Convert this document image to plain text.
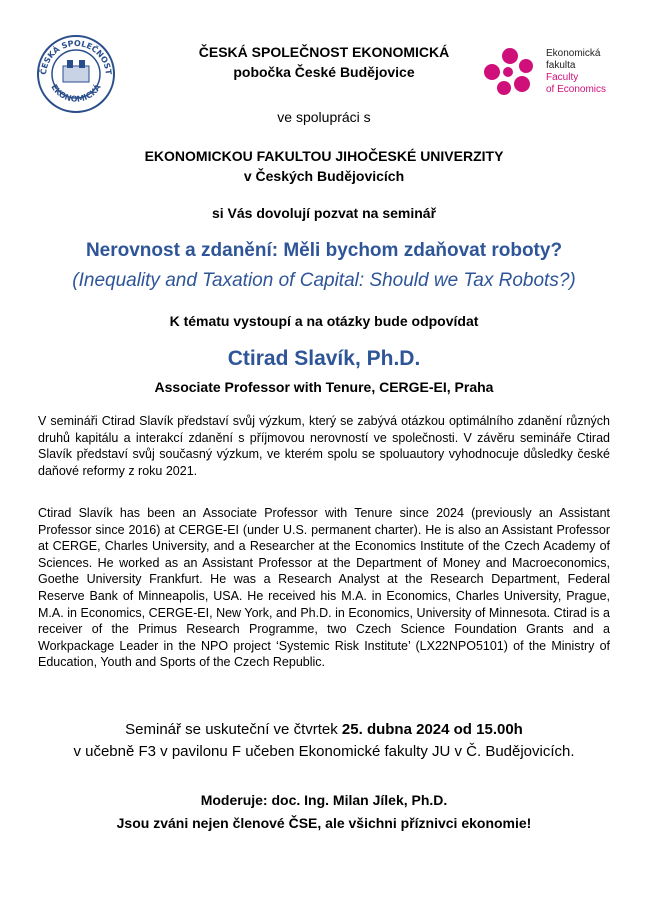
ČESKÁ SPOLEČNOST
EKONOMICKÁ
ČESKÁ SPOLEČNOST EKONOMICKÁ
pobočka České Budějovice
Ekonomická
fakulta
Faculty
of Economics
ve spolupráci s
EKONOMICKOU FAKULTOU JIHOČESKÉ UNIVERZITY
v Českých Budějovicích
si Vás dovolují pozvat na seminář
Nerovnost a zdanění: Měli bychom zdaňovat roboty?
(Inequality and Taxation of Capital: Should we Tax Robots?)
K tématu vystoupí a na otázky bude odpovídat
Ctirad Slavík, Ph.D.
Associate Professor with Tenure, CERGE-EI, Praha

V semináři Ctirad Slavík představí svůj výzkum, který se zabývá otázkou optimálního zdanění různých druhů kapitálu a interakcí zdanění s příjmovou nerovností ve společnosti. V závěru semináře Ctirad Slavík představí svůj současný výzkum, ve kterém spolu se spoluautory vyhodnocuje důsledky české daňové reformy z roku 2021.

Ctirad Slavík has been an Associate Professor with Tenure since 2024 (previously an Assistant Professor since 2016) at CERGE-EI (under U.S. permanent charter). He is also an Assistant Professor at CERGE, Charles University, and a Researcher at the Economics Institute of the Czech Academy of Sciences. He worked as an Assistant Professor at the Department of Money and Macroeconomics, Goethe University Frankfurt. He was a Research Analyst at the Research Department, Federal Reserve Bank of Minneapolis, USA. He received his M.A. in Economics, Charles University, Prague, M.A. in Economics, CERGE-EI, New York, and Ph.D. in Economics, University of Minnesota. Ctirad is a receiver of the Primus Research Programme, two Czech Science Foundation Grants and a Workpackage Leader in the NPO project ‘Systemic Risk Institute’ (LX22NPO5101) of the Ministry of Education, Youth and Sports of the Czech Republic.

Seminář se uskuteční ve čtvrtek 25. dubna 2024 od 15.00h
v učebně F3 v pavilonu F učeben Ekonomické fakulty JU v Č. Budějovicích.
Moderuje: doc. Ing. Milan Jílek, Ph.D.
Jsou zváni nejen členové ČSE, ale všichni příznivci ekonomie!
